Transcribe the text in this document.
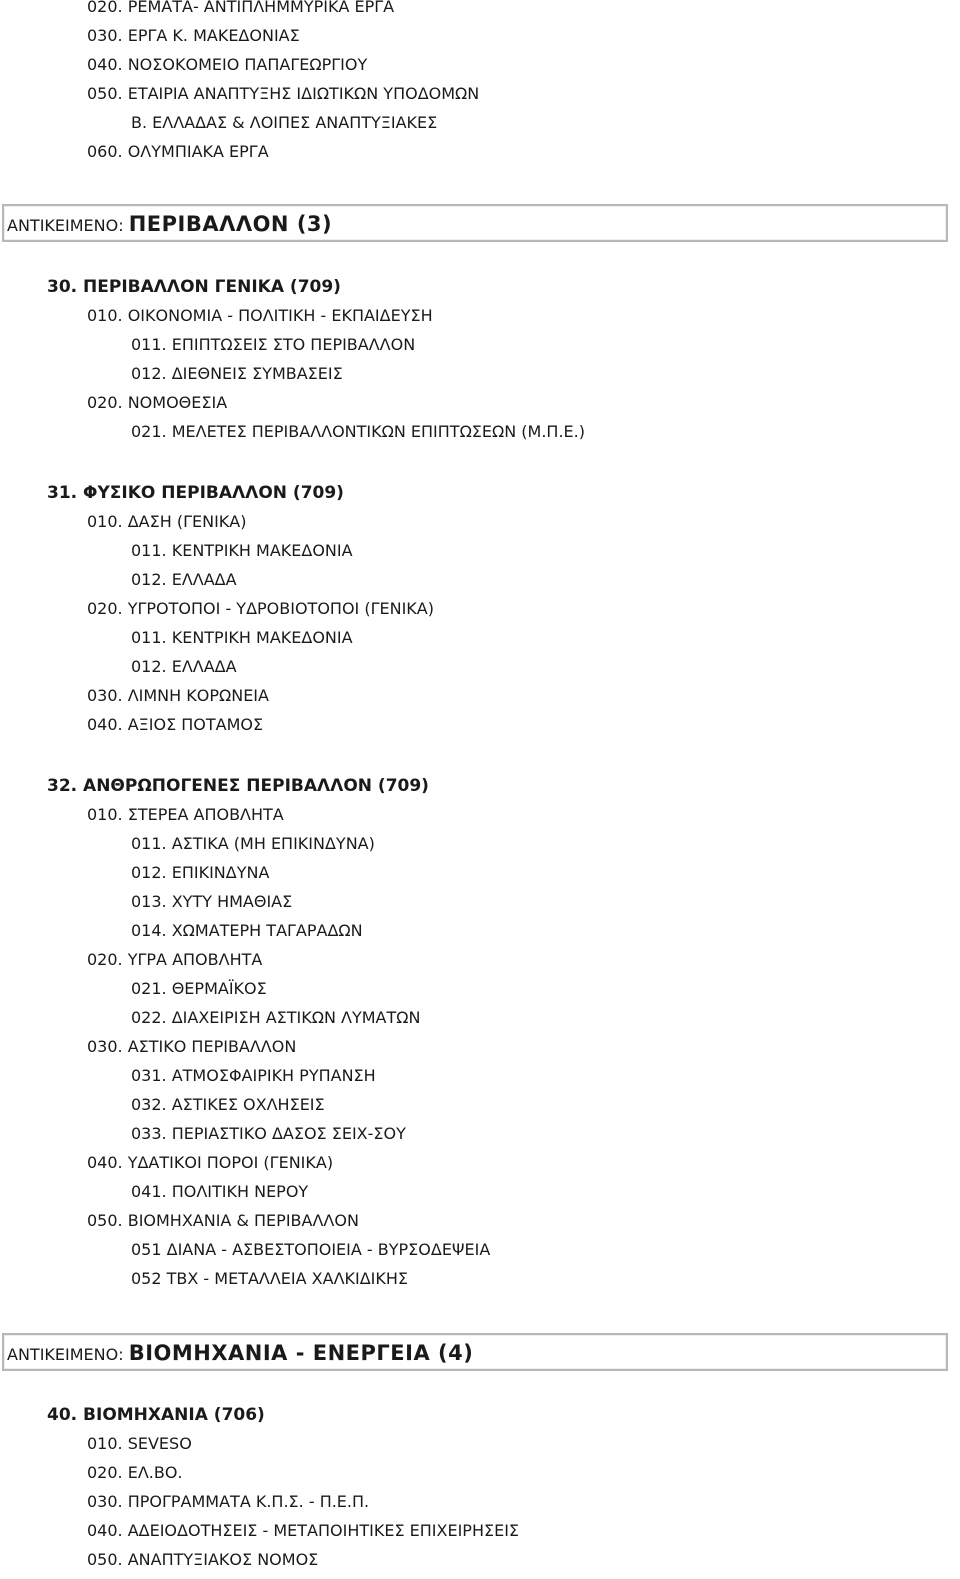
020. ΡΕΜΑΤΑ- ΑΝΤΙΠΛΗΜΜΥΡΙΚΑ ΕΡΓΑ
030. ΕΡΓΑ Κ. ΜΑΚΕΔΟΝΙΑΣ
040. ΝΟΣΟΚΟΜΕΙΟ ΠΑΠΑΓΕΩΡΓΙΟΥ
050. ΕΤΑΙΡΙΑ ΑΝΑΠΤΥΞΗΣ ΙΔΙΩΤΙΚΩΝ ΥΠΟΔΟΜΩΝ
Β. ΕΛΛΑΔΑΣ & ΛΟΙΠΕΣ ΑΝΑΠΤΥΞΙΑΚΕΣ
060. ΟΛΥΜΠΙΑΚΑ ΕΡΓΑ
ΑΝΤΙΚΕΙΜΕΝΟ: ΠΕΡΙΒΑΛΛΟΝ (3)
30. ΠΕΡΙΒΑΛΛΟΝ ΓΕΝΙΚΑ (709)
010. ΟΙΚΟΝΟΜΙΑ - ΠΟΛΙΤΙΚΗ - ΕΚΠΑΙΔΕΥΣΗ
011. ΕΠΙΠΤΩΣΕΙΣ ΣΤΟ ΠΕΡΙΒΑΛΛΟΝ
012. ΔΙΕΘΝΕΙΣ ΣΥΜΒΑΣΕΙΣ
020. ΝΟΜΟΘΕΣΙΑ
021. ΜΕΛΕΤΕΣ ΠΕΡΙΒΑΛΛΟΝΤΙΚΩΝ ΕΠΙΠΤΩΣΕΩΝ (Μ.Π.Ε.)
31. ΦΥΣΙΚΟ ΠΕΡΙΒΑΛΛΟΝ (709)
010. ΔΑΣΗ (ΓΕΝΙΚΑ)
011. ΚΕΝΤΡΙΚΗ ΜΑΚΕΔΟΝΙΑ
012. ΕΛΛΑΔΑ
020. ΥΓΡΟΤΟΠΟΙ - ΥΔΡΟΒΙΟΤΟΠΟΙ (ΓΕΝΙΚΑ)
011. ΚΕΝΤΡΙΚΗ ΜΑΚΕΔΟΝΙΑ
012. ΕΛΛΑΔΑ
030. ΛΙΜΝΗ ΚΟΡΩΝΕΙΑ
040. ΑΞΙΟΣ ΠΟΤΑΜΟΣ
32. ΑΝΘΡΩΠΟΓΕΝΕΣ ΠΕΡΙΒΑΛΛΟΝ (709)
010. ΣΤΕΡΕΑ ΑΠΟΒΛΗΤΑ
011. ΑΣΤΙΚΑ (ΜΗ ΕΠΙΚΙΝΔΥΝΑ)
012. ΕΠΙΚΙΝΔΥΝΑ
013. ΧΥΤΥ ΗΜΑΘΙΑΣ
014. ΧΩΜΑΤΕΡΗ ΤΑΓΑΡΑΔΩΝ
020. ΥΓΡΑ ΑΠΟΒΛΗΤΑ
021. ΘΕΡΜΑΪΚΟΣ
022. ΔΙΑΧΕΙΡΙΣΗ ΑΣΤΙΚΩΝ ΛΥΜΑΤΩΝ
030. ΑΣΤΙΚΟ ΠΕΡΙΒΑΛΛΟΝ
031. ΑΤΜΟΣΦΑΙΡΙΚΗ ΡΥΠΑΝΣΗ
032. ΑΣΤΙΚΕΣ ΟΧΛΗΣΕΙΣ
033. ΠΕΡΙΑΣΤΙΚΟ ΔΑΣΟΣ ΣΕΙΧ-ΣΟΥ
040. ΥΔΑΤΙΚΟΙ ΠΟΡΟΙ (ΓΕΝΙΚΑ)
041. ΠΟΛΙΤΙΚΗ ΝΕΡΟΥ
050. ΒΙΟΜΗΧΑΝΙΑ & ΠΕΡΙΒΑΛΛΟΝ
051 ΔΙΑΝΑ - ΑΣΒΕΣΤΟΠΟΙΕΙΑ - ΒΥΡΣΟΔΕΨΕΙΑ
052 ΤΒΧ - ΜΕΤΑΛΛΕΙΑ ΧΑΛΚΙΔΙΚΗΣ
ΑΝΤΙΚΕΙΜΕΝΟ: ΒΙΟΜΗΧΑΝΙΑ - ΕΝΕΡΓΕΙΑ (4)
40. ΒΙΟΜΗΧΑΝΙΑ (706)
010. SEVESO
020. ΕΛ.ΒΟ.
030. ΠΡΟΓΡΑΜΜΑΤΑ Κ.Π.Σ. - Π.Ε.Π.
040. ΑΔΕΙΟΔΟΤΗΣΕΙΣ - ΜΕΤΑΠΟΙΗΤΙΚΕΣ ΕΠΙΧΕΙΡΗΣΕΙΣ
050. ΑΝΑΠΤΥΞΙΑΚΟΣ ΝΟΜΟΣ
